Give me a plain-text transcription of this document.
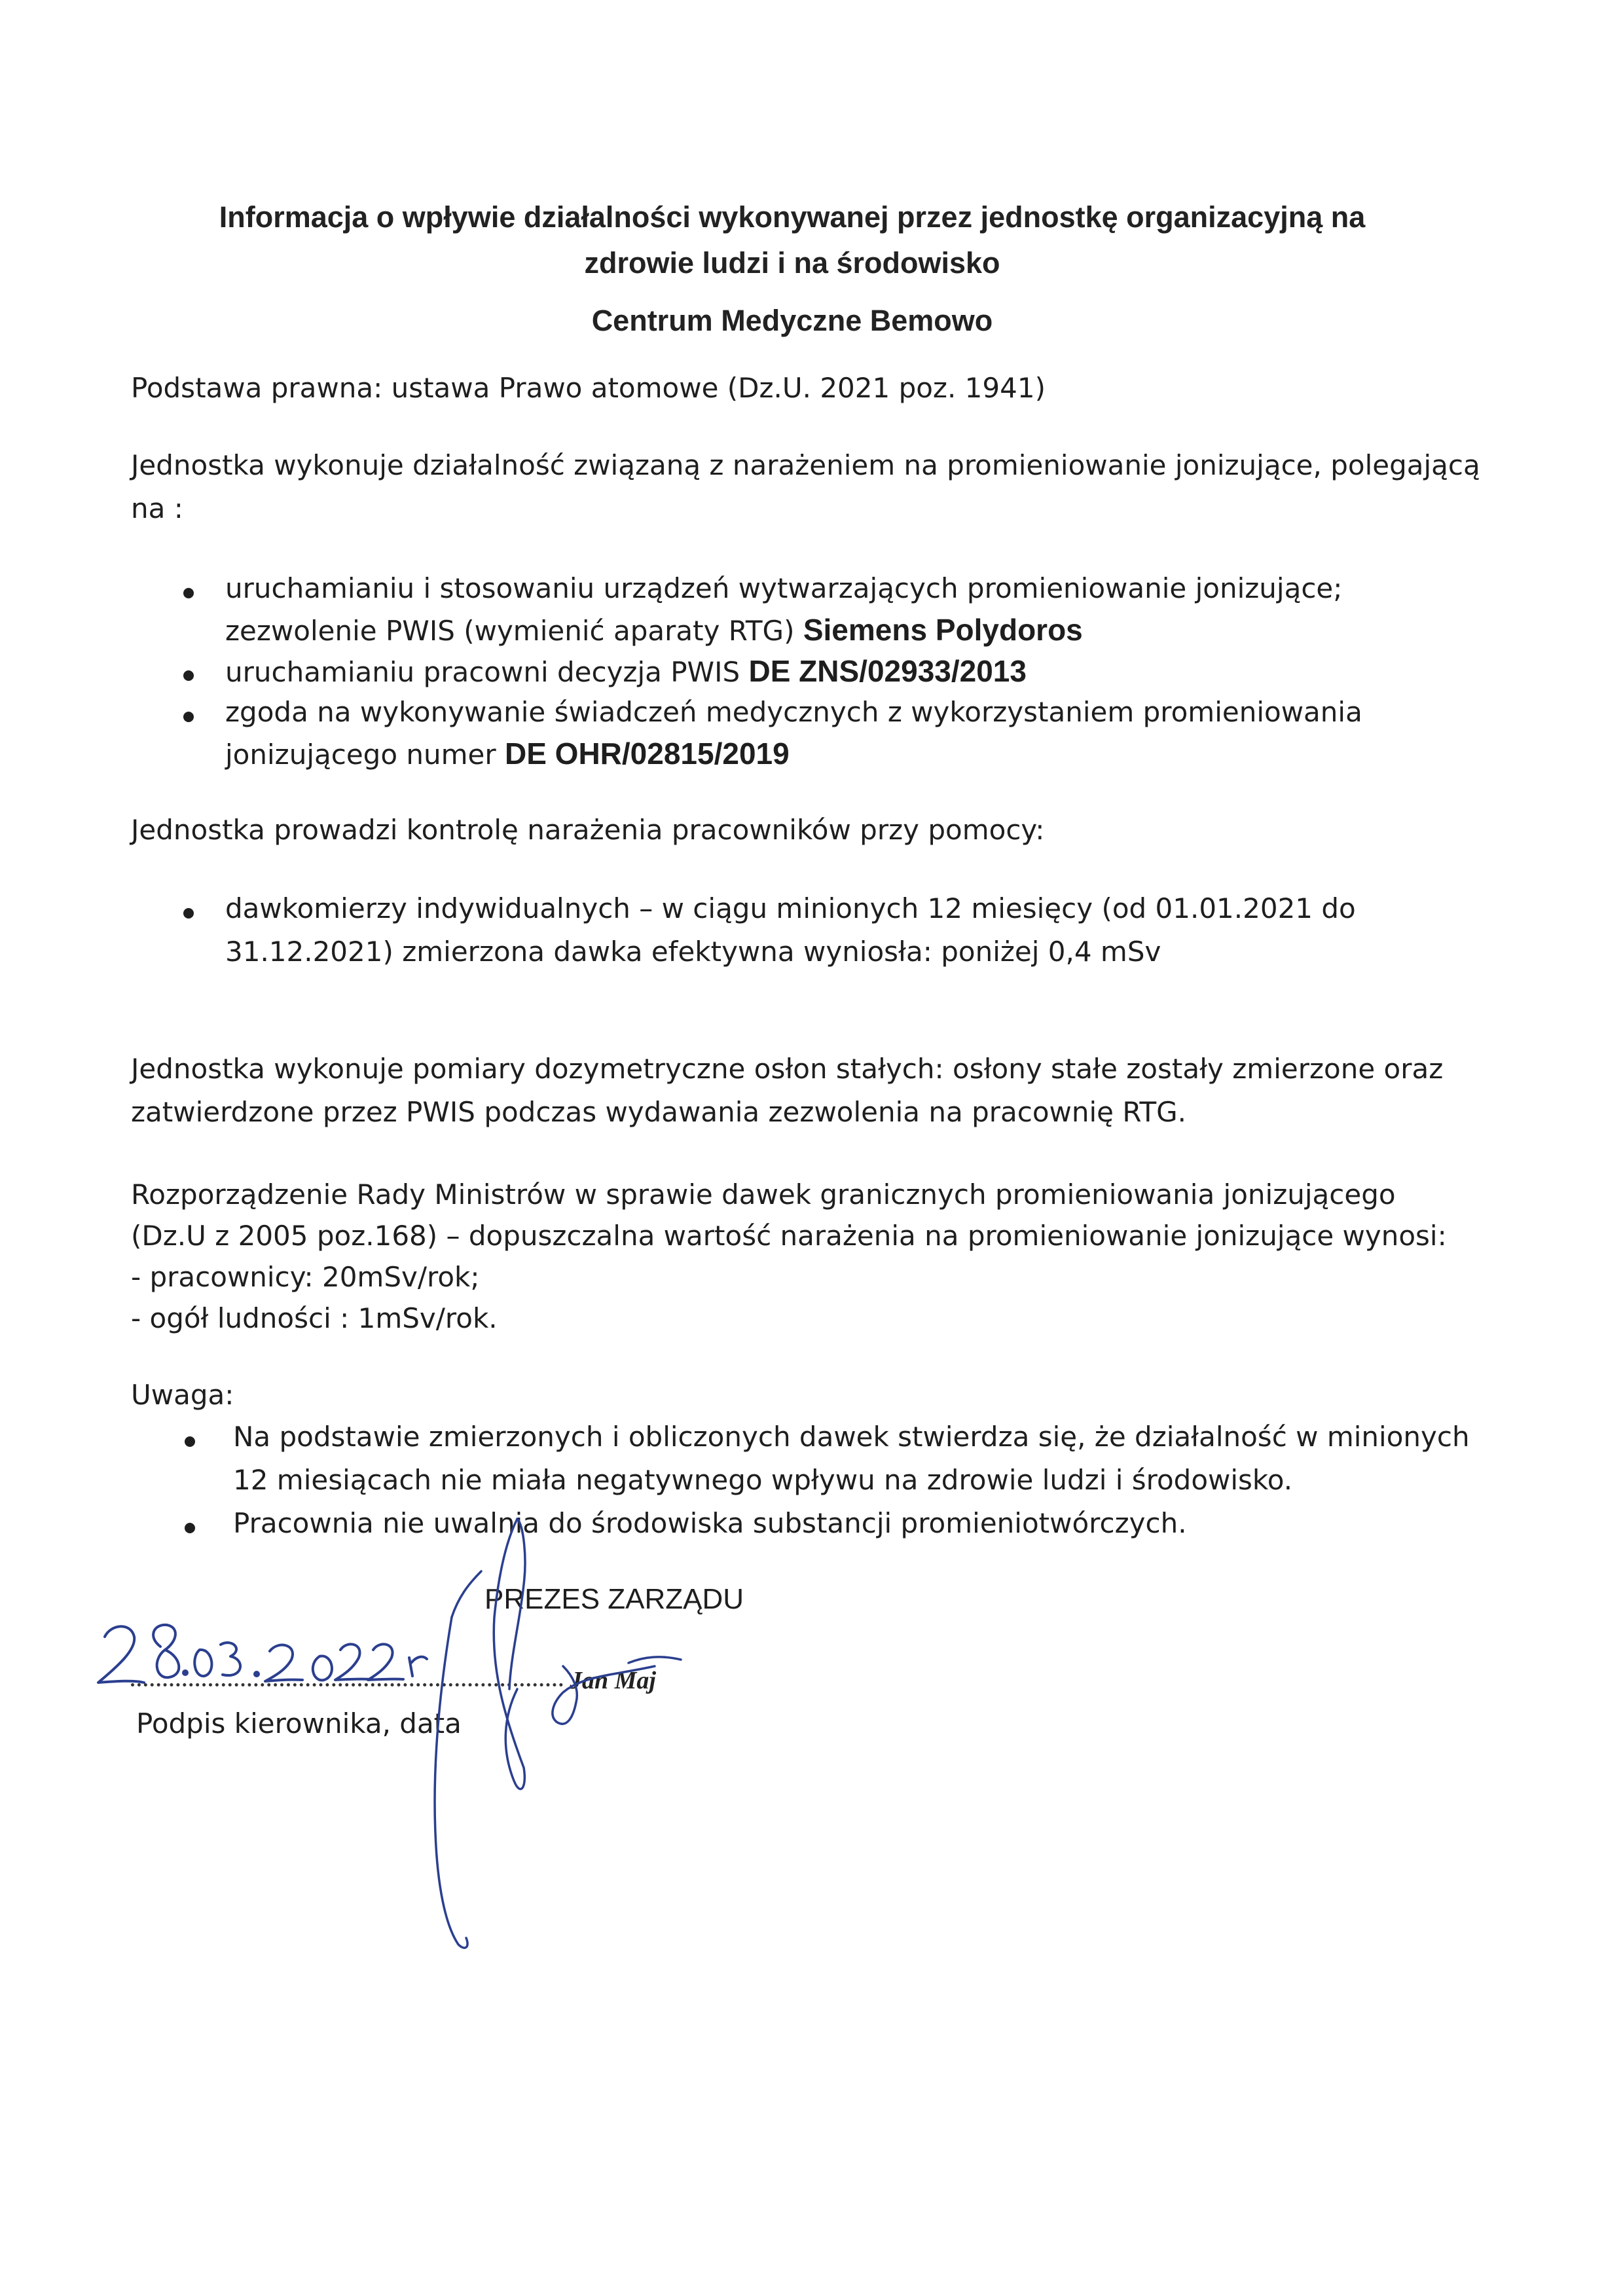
Informacja o wpływie działalności wykonywanej przez jednostkę organizacyjną na
zdrowie ludzi i na środowisko
Centrum Medyczne Bemowo
Podstawa prawna: ustawa Prawo atomowe (Dz.U. 2021 poz. 1941)
Jednostka wykonuje działalność związaną z narażeniem na promieniowanie jonizujące, polegającą
na :
uruchamianiu i stosowaniu urządzeń wytwarzających promieniowanie jonizujące;
zezwolenie PWIS (wymienić aparaty RTG) Siemens Polydoros
uruchamianiu pracowni decyzja PWIS DE ZNS/02933/2013
zgoda na wykonywanie świadczeń medycznych z wykorzystaniem promieniowania
jonizującego numer DE OHR/02815/2019
Jednostka prowadzi kontrolę narażenia pracowników przy pomocy:
dawkomierzy indywidualnych – w ciągu minionych 12 miesięcy (od 01.01.2021 do
31.12.2021) zmierzona dawka efektywna wyniosła: poniżej 0,4 mSv
Jednostka wykonuje pomiary dozymetryczne osłon stałych: osłony stałe zostały zmierzone oraz
zatwierdzone przez PWIS podczas wydawania zezwolenia na pracownię RTG.
Rozporządzenie Rady Ministrów w sprawie dawek granicznych promieniowania jonizującego
(Dz.U z 2005 poz.168) – dopuszczalna wartość narażenia na promieniowanie jonizujące wynosi:
- pracownicy: 20mSv/rok;
- ogół ludności : 1mSv/rok.
Uwaga:
Na podstawie zmierzonych i obliczonych dawek stwierdza się, że działalność w minionych
12 miesiącach nie miała negatywnego wpływu na zdrowie ludzi i środowisko.
Pracownia nie uwalnia do środowiska substancji promieniotwórczych.
PREZES ZARZĄDU
Jan Maj
Podpis kierownika, data
